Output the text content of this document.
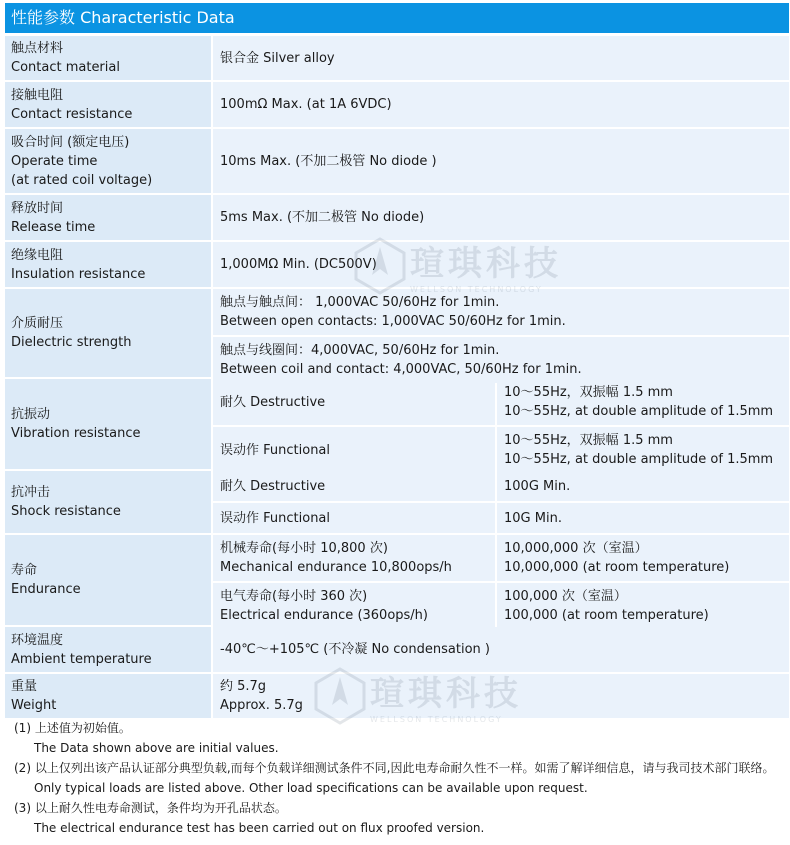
性能参数 Characteristic Data
触点材料
Contact material
银合金 Silver alloy
接触电阻
Contact resistance
100mΩ Max. (at 1A 6VDC)
吸合时间 (额定电压)
Operate time
(at rated coil voltage)
10ms Max. (不加二极管 No diode )
释放时间
Release time
5ms Max. (不加二极管 No diode)
绝缘电阻
Insulation resistance
1,000MΩ Min. (DC500V)
介质耐压
Dielectric strength
触点与触点间： 1,000VAC 50/60Hz for 1min.
Between open contacts: 1,000VAC 50/60Hz for 1min.
触点与线圈间：4,000VAC, 50/60Hz for 1min.
Between coil and contact: 4,000VAC, 50/60Hz for 1min.
抗振动
Vibration resistance
耐久 Destructive
10～55Hz，双振幅 1.5 mm
10～55Hz, at double amplitude of 1.5mm
误动作 Functional
10～55Hz，双振幅 1.5 mm
10～55Hz, at double amplitude of 1.5mm
抗冲击
Shock resistance
耐久 Destructive	100G Min.
误动作 Functional	10G Min.
寿命
Endurance
机械寿命(每小时 10,800 次)
Mechanical endurance 10,800ops/h
10,000,000 次（室温）
10,000,000 (at room temperature)
电气寿命(每小时 360 次)
Electrical endurance (360ops/h)
100,000 次（室温）
100,000 (at room temperature)
环境温度
Ambient temperature
-40℃～+105℃ (不冷凝 No condensation )
重量
Weight
约 5.7g
Approx. 5.7g
(1) 上述值为初始值。
The Data shown above are initial values.
(2) 以上仅列出该产品认证部分典型负载,而每个负载详细测试条件不同,因此电寿命耐久性不一样。如需了解详细信息，请与我司技术部门联络。
Only typical loads are listed above. Other load specifications can be available upon request.
(3) 以上耐久性电寿命测试，条件均为开孔品状态。
The electrical endurance test has been carried out on flux proofed version.
WELLSON TECHNOLOGY
